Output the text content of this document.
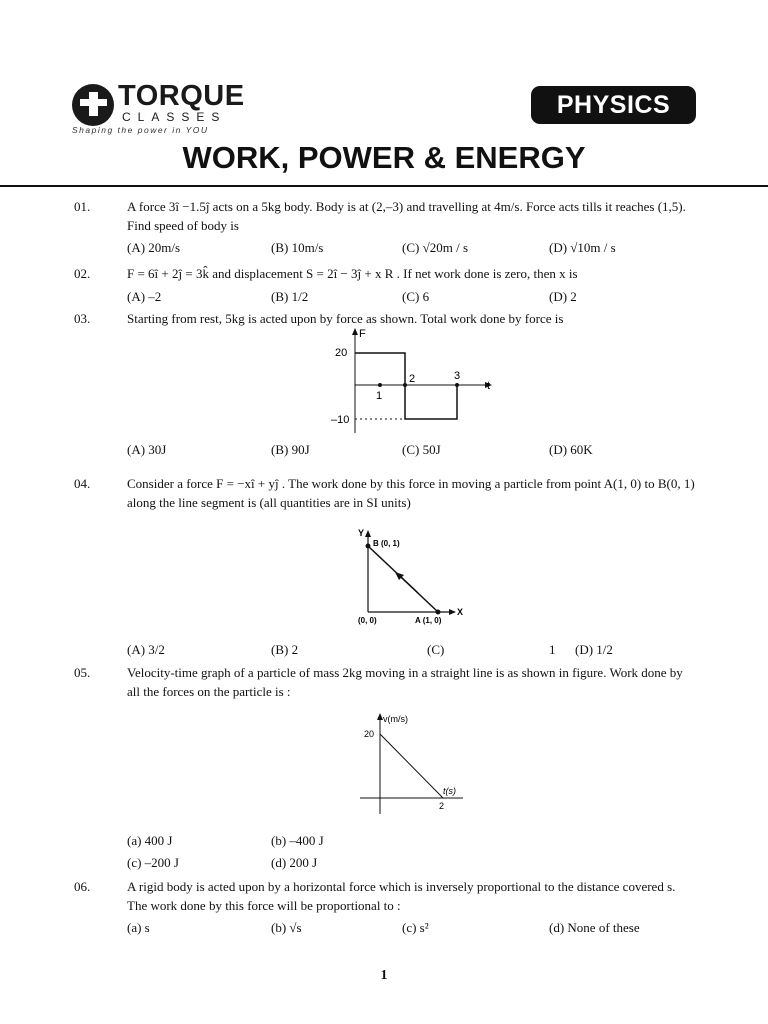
TORQUE
CLASSES
Shaping the power in YOU
PHYSICS
WORK, POWER & ENERGY
01.	A force 3î −1.5ĵ acts on a 5kg body. Body is at (2,–3) and travelling at 4m/s. Force acts tills it reaches (1,5). Find speed of body is
(A) 20m/s	(B) 10m/s	(C) √20m / s	(D) √10m / s
02.	F = 6î + 2ĵ = 3k̂ and displacement S = 2î − 3ĵ + x R . If net work done is zero, then x is
(A) –2	(B) 1/2	(C) 6	(D) 2
03.	Starting from rest, 5kg is acted upon by force as shown. Total work done by force is
F
t
20
–10
1
2	3
(A) 30J	(B) 90J	(C) 50J	(D) 60K
04.	Consider a force F = −xî + yĵ . The work done by this force in moving a particle from point A(1, 0) to B(0, 1) along the line segment is (all quantities are in SI units)
Y
X
B (0, 1)
(0, 0)	A (1, 0)
(A) 3/2	(B) 2	(C)	1 (D) 1/2
05.	Velocity-time graph of a particle of mass 2kg moving in a straight line is as shown in figure. Work done by all the forces on the particle is :
v(m/s)
20
t(s)
2
(a) 400 J	(b) –400 J
(c) –200 J	(d) 200 J
06.	A rigid body is acted upon by a horizontal force which is inversely proportional to the distance covered s. The work done by this force will be proportional to :
(a) s	(b) √s	(c) s²	(d) None of these
1
